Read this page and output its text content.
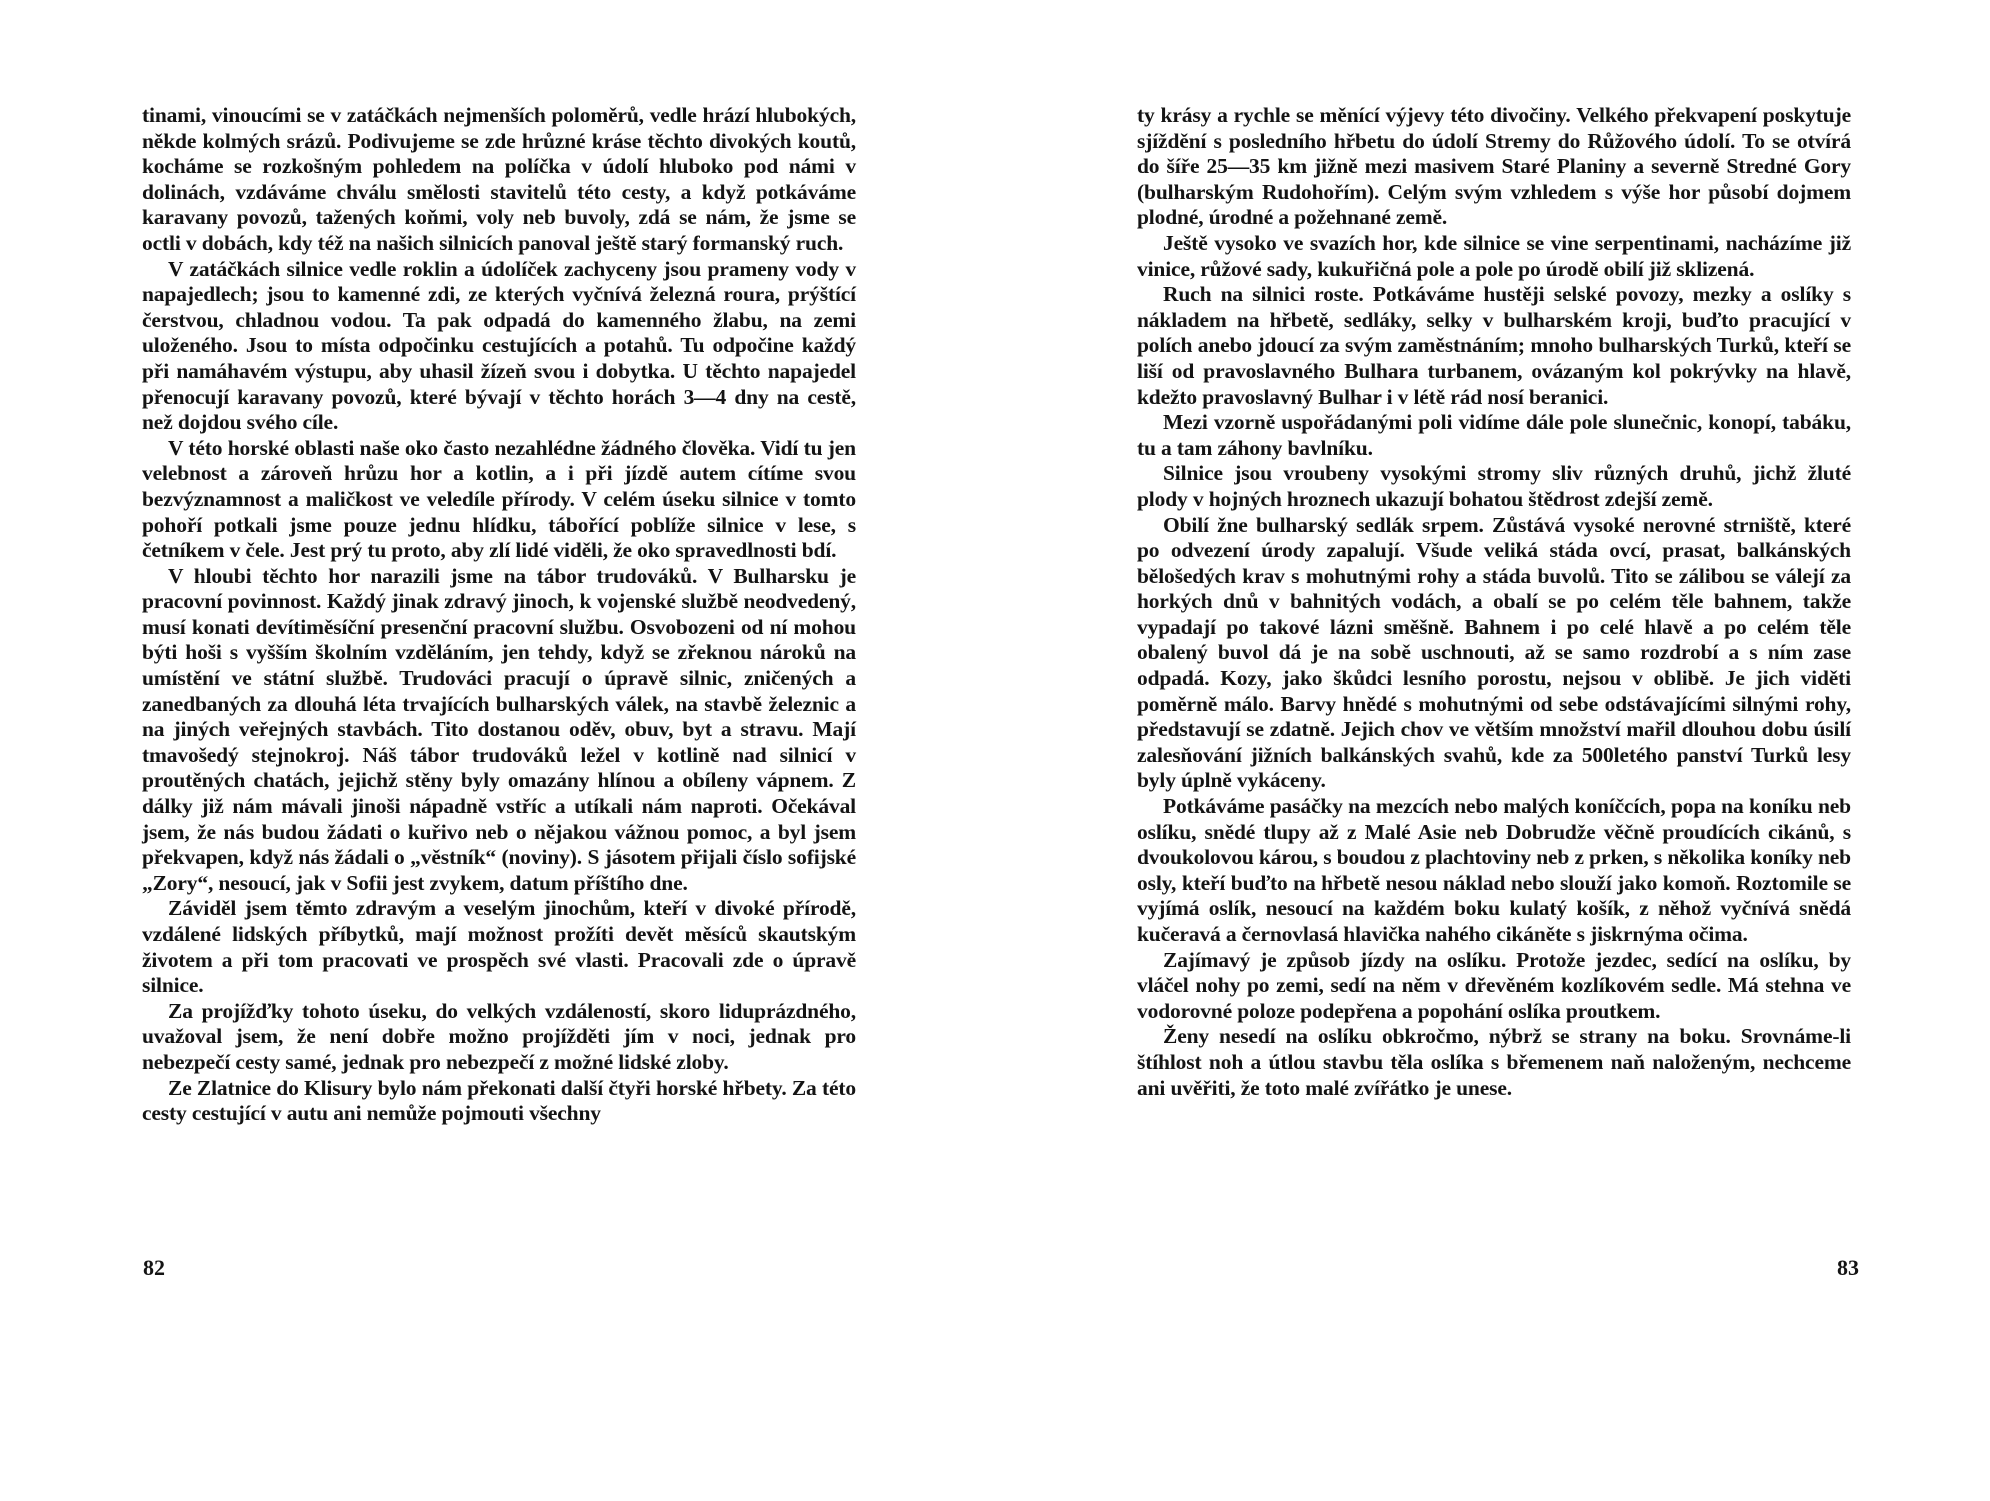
tinami, vinoucími se v zatáčkách nejmenších poloměrů, vedle hrází hlubokých, někde kolmých srázů. Podivujeme se zde hrůzné kráse těchto divokých koutů, kocháme se rozkošným pohledem na políčka v údolí hluboko pod námi v dolinách, vzdáváme chválu smělosti stavitelů této cesty, a když potkáváme karavany povozů, tažených koňmi, voly neb buvoly, zdá se nám, že jsme se octli v dobách, kdy též na našich silnicích panoval ještě starý formanský ruch.

V zatáčkách silnice vedle roklin a údolíček zachyceny jsou prameny vody v napajedlech; jsou to kamenné zdi, ze kterých vyčnívá železná roura, prýštící čerstvou, chladnou vodou. Ta pak odpadá do kamenného žlabu, na zemi uloženého. Jsou to místa odpočinku cestujících a potahů. Tu odpočine každý při namáhavém výstupu, aby uhasil žízeň svou i dobytka. U těchto napajedel přenocují karavany povozů, které bývají v těchto horách 3—4 dny na cestě, než dojdou svého cíle.

V této horské oblasti naše oko často nezahlédne žádného člověka. Vidí tu jen velebnost a zároveň hrůzu hor a kotlin, a i při jízdě autem cítíme svou bezvýznamnost a maličkost ve veledíle přírody. V celém úseku silnice v tomto pohoří potkali jsme pouze jednu hlídku, tábořící poblíže silnice v lese, s četníkem v čele. Jest prý tu proto, aby zlí lidé viděli, že oko spravedlnosti bdí.

V hloubi těchto hor narazili jsme na tábor trudováků. V Bulharsku je pracovní povinnost. Každý jinak zdravý jinoch, k vojenské službě neodvedený, musí konati devítiměsíční presenční pracovní službu. Osvobozeni od ní mohou býti hoši s vyšším školním vzděláním, jen tehdy, když se zřeknou nároků na umístění ve státní službě. Trudováci pracují o úpravě silnic, zničených a zanedbaných za dlouhá léta trvajících bulharských válek, na stavbě železnic a na jiných veřejných stavbách. Tito dostanou oděv, obuv, byt a stravu. Mají tmavošedý stejnokroj. Náš tábor trudováků ležel v kotlině nad silnicí v proutěných chatách, jejichž stěny byly omazány hlínou a obíleny vápnem. Z dálky již nám mávali jinoši nápadně vstříc a utíkali nám naproti. Očekával jsem, že nás budou žádati o kuřivo neb o nějakou vážnou pomoc, a byl jsem překvapen, když nás žádali o „věstník“ (noviny). S jásotem přijali číslo sofijské „Zory“, nesoucí, jak v Sofii jest zvykem, datum příštího dne.

Záviděl jsem těmto zdravým a veselým jinochům, kteří v divoké přírodě, vzdálené lidských příbytků, mají možnost prožíti devět měsíců skautským životem a při tom pracovati ve prospěch své vlasti. Pracovali zde o úpravě silnice.

Za projížďky tohoto úseku, do velkých vzdáleností, skoro liduprázdného, uvažoval jsem, že není dobře možno projížděti jím v noci, jednak pro nebezpečí cesty samé, jednak pro nebezpečí z možné lidské zloby.

Ze Zlatnice do Klisury bylo nám překonati další čtyři horské hřbety. Za této cesty cestující v autu ani nemůže pojmouti všechny

82

ty krásy a rychle se měnící výjevy této divočiny. Velkého překvapení poskytuje sjíždění s posledního hřbetu do údolí Stremy do Růžového údolí. To se otvírá do šíře 25—35 km jižně mezi masivem Staré Planiny a severně Stredné Gory (bulharským Rudohořím). Celým svým vzhledem s výše hor působí dojmem plodné, úrodné a požehnané země.

Ještě vysoko ve svazích hor, kde silnice se vine serpentinami, nacházíme již vinice, růžové sady, kukuřičná pole a pole po úrodě obilí již sklizená.

Ruch na silnici roste. Potkáváme hustěji selské povozy, mezky a oslíky s nákladem na hřbetě, sedláky, selky v bulharském kroji, buďto pracující v polích anebo jdoucí za svým zaměstnáním; mnoho bulharských Turků, kteří se liší od pravoslavného Bulhara turbanem, ovázaným kol pokrývky na hlavě, kdežto pravoslavný Bulhar i v létě rád nosí beranici.

Mezi vzorně uspořádanými poli vidíme dále pole slunečnic, konopí, tabáku, tu a tam záhony bavlníku.

Silnice jsou vroubeny vysokými stromy sliv různých druhů, jichž žluté plody v hojných hroznech ukazují bohatou štědrost zdejší země.

Obilí žne bulharský sedlák srpem. Zůstává vysoké nerovné strniště, které po odvezení úrody zapalují. Všude veliká stáda ovcí, prasat, balkánských bělošedých krav s mohutnými rohy a stáda buvolů. Tito se zálibou se válejí za horkých dnů v bahnitých vodách, a obalí se po celém těle bahnem, takže vypadají po takové lázni směšně. Bahnem i po celé hlavě a po celém těle obalený buvol dá je na sobě uschnouti, až se samo rozdrobí a s ním zase odpadá. Kozy, jako škůdci lesního porostu, nejsou v oblibě. Je jich viděti poměrně málo. Barvy hnědé s mohutnými od sebe odstávajícími silnými rohy, představují se zdatně. Jejich chov ve větším množství mařil dlouhou dobu úsilí zalesňování jižních balkánských svahů, kde za 500letého panství Turků lesy byly úplně vykáceny.

Potkáváme pasáčky na mezcích nebo malých koníčcích, popa na koníku neb oslíku, snědé tlupy až z Malé Asie neb Dobrudže věčně proudících cikánů, s dvoukolovou károu, s boudou z plachtoviny neb z prken, s několika koníky neb osly, kteří buďto na hřbetě nesou náklad nebo slouží jako komoň. Roztomile se vyjímá oslík, nesoucí na každém boku kulatý košík, z něhož vyčnívá snědá kučeravá a černovlasá hlavička nahého cikáněte s jiskrnýma očima.

Zajímavý je způsob jízdy na oslíku. Protože jezdec, sedící na oslíku, by vláčel nohy po zemi, sedí na něm v dřevěném kozlíkovém sedle. Má stehna ve vodorovné poloze podepřena a popohání oslíka proutkem.

Ženy nesedí na oslíku obkročmo, nýbrž se strany na boku. Srovnáme-li štíhlost noh a útlou stavbu těla oslíka s břemenem naň naloženým, nechceme ani uvěřiti, že toto malé zvířátko je unese.

83
